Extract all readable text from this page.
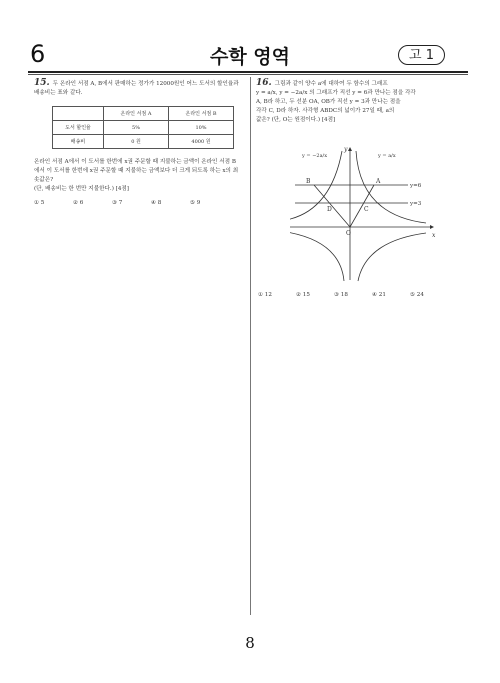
6	수학 영역	고 1
15. 두 온라인 서점 A, B에서 판매하는 정가가 12000원인 어느 도서의 할인율과 배송비는 표와 같다.
	온라인 서점 A	온라인 서점 B
도서 할인율	5%	10%
배송비	0 원	4000 원
온라인 서점 A에서 이 도서를 한번에 x권 주문할 때 지불하는 금액이 온라인 서점 B에서 이 도서를 한번에 x권 주문할 때 지불하는 금액보다 더 크게 되도록 하는 x의 최솟값은?
(단, 배송비는 한 번만 지불한다.) [4점]
① 5	② 6	③ 7	④ 8	⑤ 9
16. 그림과 같이 양수 a에 대하여 두 함수의 그래프
y = a/x, y = −2a/x 의 그래프가 직선 y = 6과 만나는 점을 각각
A, B라 하고, 두 선분 OA, OB가 직선 y = 3과 만나는 점을
각각 C, D라 하자. 사각형 ABDC의 넓이가 27일 때, a의
값은? (단, O는 원점이다.) [4점]
x
y
O
y=6
y=3
A
B
C
D
y = −2a/x	y = a/x
① 12	② 15	③ 18	④ 21	⑤ 24
8
